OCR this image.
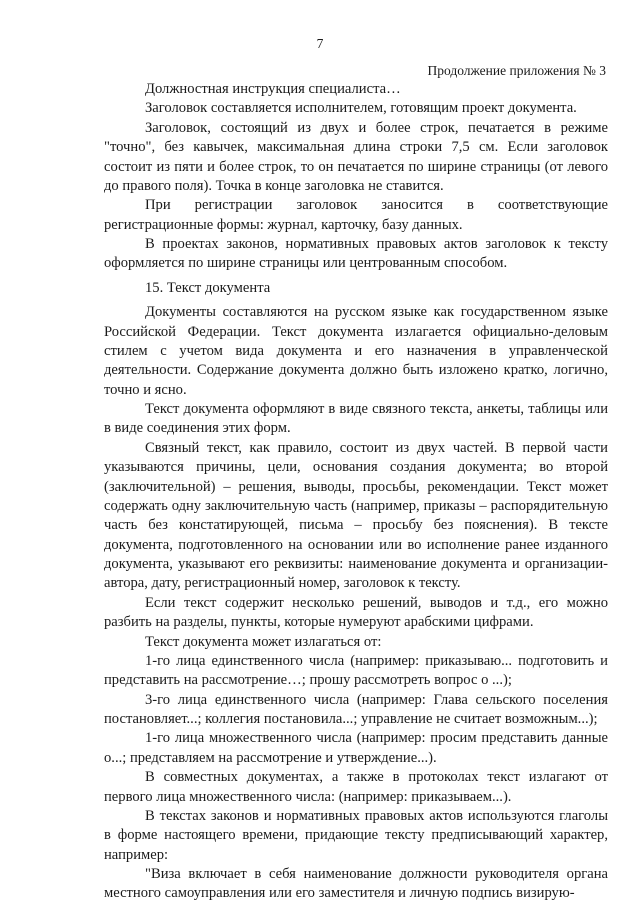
7
Продолжение приложения № 3

Должностная инструкция специалиста…

Заголовок составляется исполнителем, готовящим проект документа.

Заголовок, состоящий из двух и более строк, печатается в режиме "точно", без кавычек, максимальная длина строки 7,5 см. Если заголовок состоит из пяти и более строк, то он печатается по ширине страницы (от левого до правого поля). Точка в конце заголовка не ставится.

При регистрации заголовок заносится в соответствующие регистрационные формы: журнал, карточку, базу данных.

В проектах законов, нормативных правовых актов заголовок к тексту оформляется по ширине страницы или центрованным способом.

15. Текст документа

Документы составляются на русском языке как государственном языке Российской Федерации. Текст документа излагается официально-деловым стилем с учетом вида документа и его назначения в управленческой деятельности. Содержание документа должно быть изложено кратко, логично, точно и ясно.

Текст документа оформляют в виде связного текста, анкеты, таблицы или в виде соединения этих форм.

Связный текст, как правило, состоит из двух частей. В первой части указываются причины, цели, основания создания документа; во второй (заключительной) – решения, выводы, просьбы, рекомендации. Текст может содержать одну заключительную часть (например, приказы – распорядительную часть без констатирующей, письма – просьбу без пояснения). В тексте документа, подготовленного на основании или во исполнение ранее изданного документа, указывают его реквизиты: наименование документа и организации-автора, дату, регистрационный номер, заголовок к тексту.

Если текст содержит несколько решений, выводов и т.д., его можно разбить на разделы, пункты, которые нумеруют арабскими цифрами.

Текст документа может излагаться от:

1-го лица единственного числа (например: приказываю... подготовить и представить на рассмотрение…; прошу рассмотреть вопрос о ...);

3-го лица единственного числа (например: Глава сельского поселения постановляет...; коллегия постановила...; управление не считает возможным...);

1-го лица множественного числа (например: просим представить данные о...; представляем на рассмотрение и утверждение...).

В совместных документах, а также в протоколах текст излагают от первого лица множественного числа: (например: приказываем...).

В текстах законов и нормативных правовых актов используются глаголы в форме настоящего времени, придающие тексту предписывающий характер, например:

"Виза включает в себя наименование должности руководителя органа местного самоуправления или его заместителя и личную подпись визирую-
